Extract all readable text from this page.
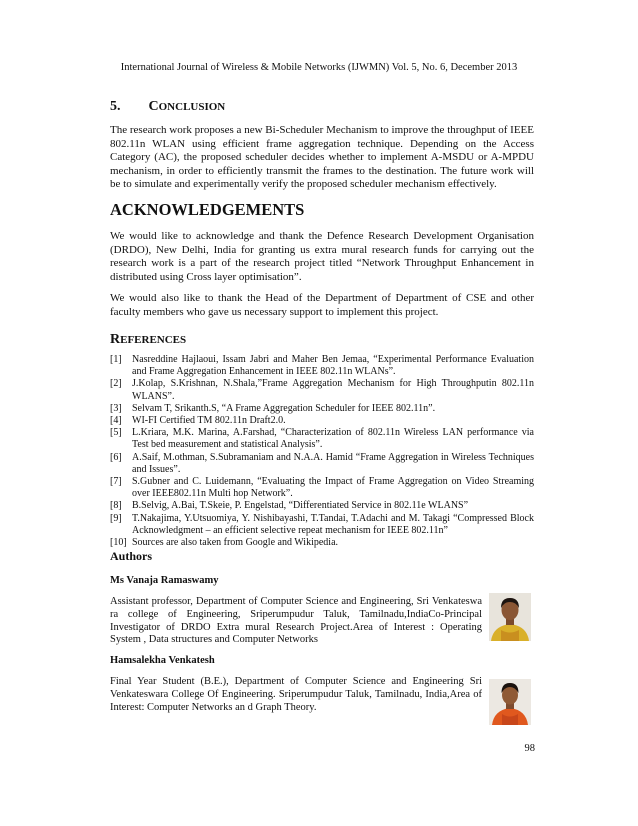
International Journal of Wireless & Mobile Networks (IJWMN) Vol. 5, No. 6, December 2013
5. CONCLUSION

The research work proposes a new Bi-Scheduler Mechanism to improve the throughput of IEEE 802.11n WLAN using efficient frame aggregation technique. Depending on the Access Category (AC), the proposed scheduler decides whether to implement A-MSDU or A-MPDU mechanism, in order to efficiently transmit the frames to the destination. The future work will be to simulate and experimentally verify the proposed scheduler mechanism effectively.

ACKNOWLEDGEMENTS

We would like to acknowledge and thank the Defence Research Development Organisation (DRDO), New Delhi, India for granting us extra mural research funds for carrying out the research work is a part of the research project titled “Network Throughput Enhancement in distributed using Cross layer optimisation”.

We would also like to thank the Head of the Department of Department of CSE and other faculty members who gave us necessary support to implement this project.

REFERENCES
[1]	Nasreddine Hajlaoui, Issam Jabri and Maher Ben Jemaa, “Experimental Performance Evaluation and Frame Aggregation Enhancement in IEEE 802.11n WLANs”.
[2]	J.Kolap, S.Krishnan, N.Shala,”Frame Aggregation Mechanism for High Throughputin 802.11n WLANS”.
[3]	Selvam T, Srikanth.S, “A Frame Aggregation Scheduler for IEEE 802.11n”.
[4]	WI-FI Certified TM 802.11n Draft2.0.
[5]	L.Kriara, M.K. Marina, A.Farshad, “Characterization of 802.11n Wireless LAN performance via Test bed measurement and statistical Analysis”.
[6]	A.Saif, M.othman, S.Subramaniam and N.A.A. Hamid “Frame Aggregation in Wireless Techniques and Issues”.
[7]	S.Gubner and C. Luidemann, “Evaluating the Impact of Frame Aggregation on Video Streaming over IEEE802.11n Multi hop Network”.
[8]	B.Selvig, A.Bai, T.Skeie, P. Engelstad, “Differentiated Service in 802.11e WLANS”
[9]	T.Nakajima, Y.Utsuomiya, Y. Nishibayashi, T.Tandai, T.Adachi and M. Takagi “Compressed Block Acknowledgment – an efficient selective repeat mechanism for IEEE 802.11n”
[10] Sources are also taken from Google and Wikipedia.
Authors
Ms Vanaja Ramaswamy

Assistant professor, Department of Computer Science and Engineering, Sri Venkateswa ra college of Engineering, Sriperumpudur Taluk, Tamilnadu,IndiaCo-Principal Investigator of DRDO Extra mural Research Project.Area of Interest : Operating System , Data structures and Computer Networks

Hamsalekha Venkatesh

Final Year Student (B.E.), Department of Computer Science and Engineering Sri Venkateswara College Of Engineering. Sriperumpudur Taluk, Tamilnadu, India,Area of Interest: Computer Networks an d Graph Theory.

98
